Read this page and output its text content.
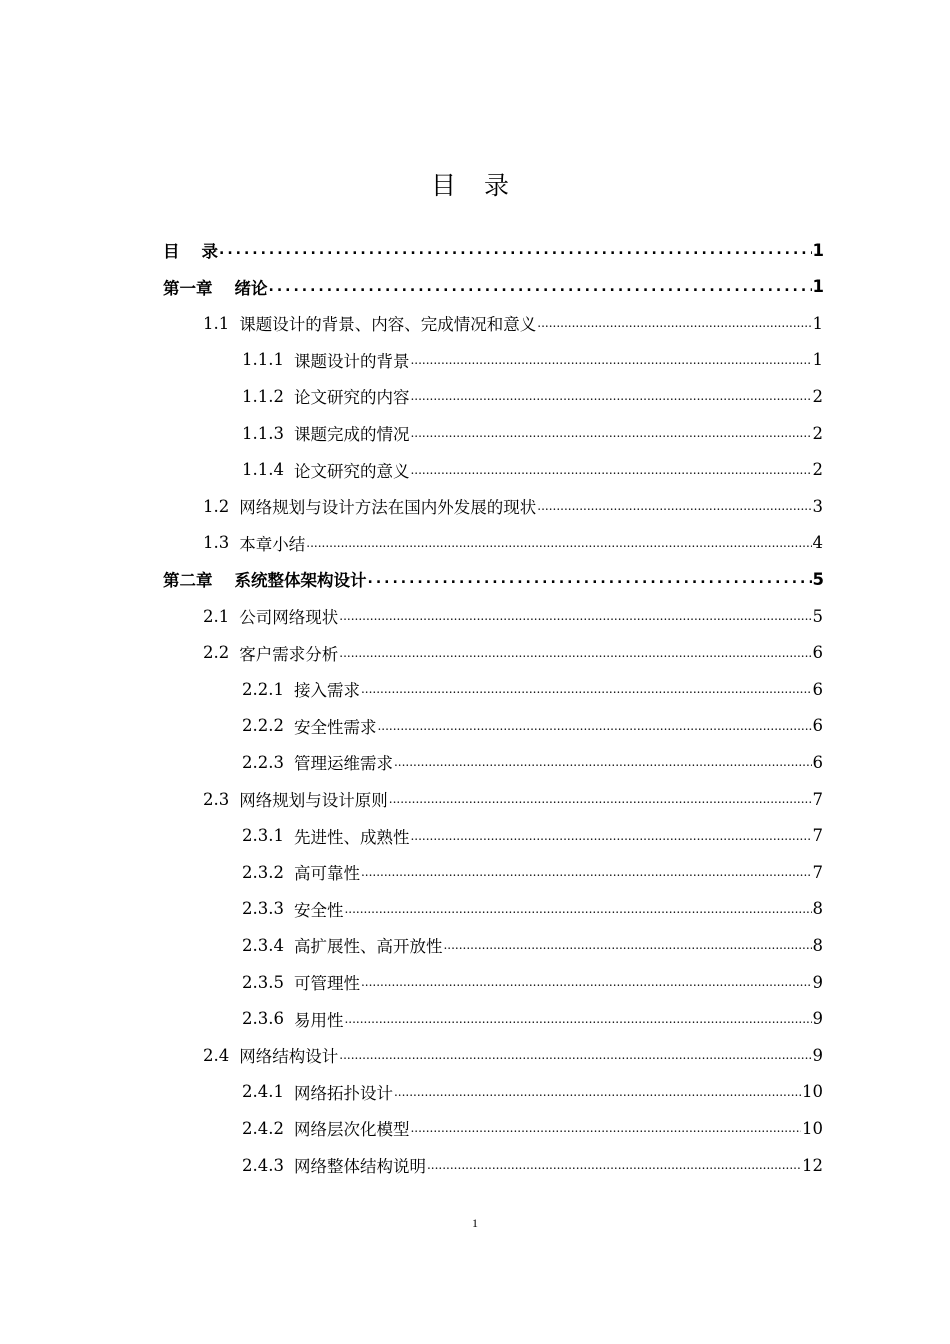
目 录
目 录 .....	1
第一章 绪论 .....	1
1.1 课题设计的背景、内容、完成情况和意义 .....	1
1.1.1 课题设计的背景 .....	1
1.1.2 论文研究的内容 .....	2
1.1.3 课题完成的情况 .....	2
1.1.4 论文研究的意义 .....	2
1.2 网络规划与设计方法在国内外发展的现状 .....	3
1.3 本章小结 .....	4
第二章 系统整体架构设计 .....	5
2.1 公司网络现状 .....	5
2.2 客户需求分析 .....	6
2.2.1 接入需求 .....	6
2.2.2 安全性需求 .....	6
2.2.3 管理运维需求 .....	6
2.3 网络规划与设计原则 .....	7
2.3.1 先进性、成熟性 .....	7
2.3.2 高可靠性 .....	7
2.3.3 安全性 .....	8
2.3.4 高扩展性、高开放性 .....	8
2.3.5 可管理性 .....	9
2.3.6 易用性 .....	9
2.4 网络结构设计 .....	9
2.4.1 网络拓扑设计 .....	10
2.4.2 网络层次化模型 .....	10
2.4.3 网络整体结构说明 .....	12
1
